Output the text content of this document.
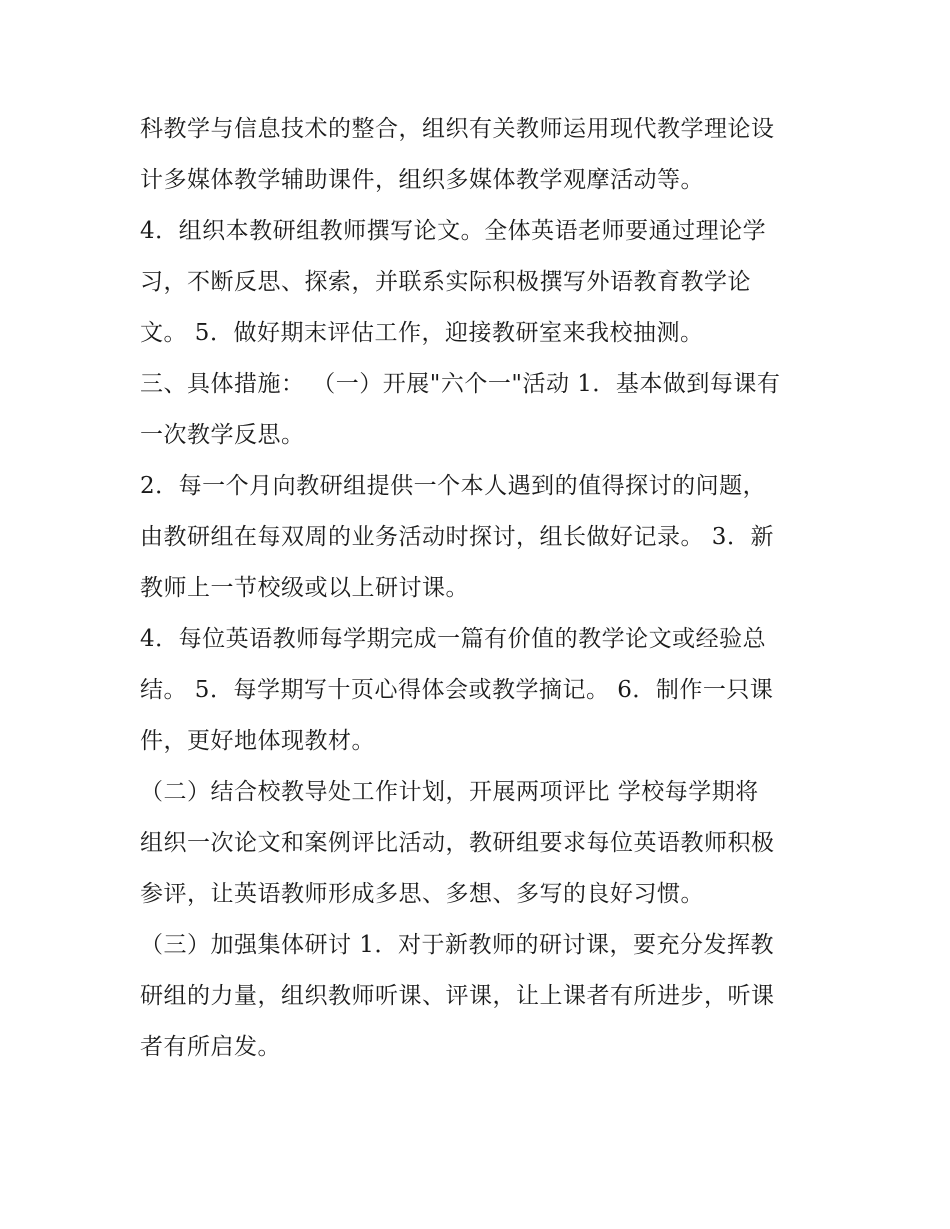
科教学与信息技术的整合，组织有关教师运用现代教学理论设
计多媒体教学辅助课件，组织多媒体教学观摩活动等。
4．组织本教研组教师撰写论文。全体英语老师要通过理论学
习，不断反思、探索，并联系实际积极撰写外语教育教学论
文。 5．做好期末评估工作，迎接教研室来我校抽测。
三、具体措施： （一）开展"六个一"活动 1．基本做到每课有
一次教学反思。
2．每一个月向教研组提供一个本人遇到的值得探讨的问题，
由教研组在每双周的业务活动时探讨，组长做好记录。 3．新
教师上一节校级或以上研讨课。
4．每位英语教师每学期完成一篇有价值的教学论文或经验总
结。 5．每学期写十页心得体会或教学摘记。 6．制作一只课
件，更好地体现教材。
（二）结合校教导处工作计划，开展两项评比 学校每学期将
组织一次论文和案例评比活动，教研组要求每位英语教师积极
参评，让英语教师形成多思、多想、多写的良好习惯。
（三）加强集体研讨 1．对于新教师的研讨课，要充分发挥教
研组的力量，组织教师听课、评课，让上课者有所进步，听课
者有所启发。
